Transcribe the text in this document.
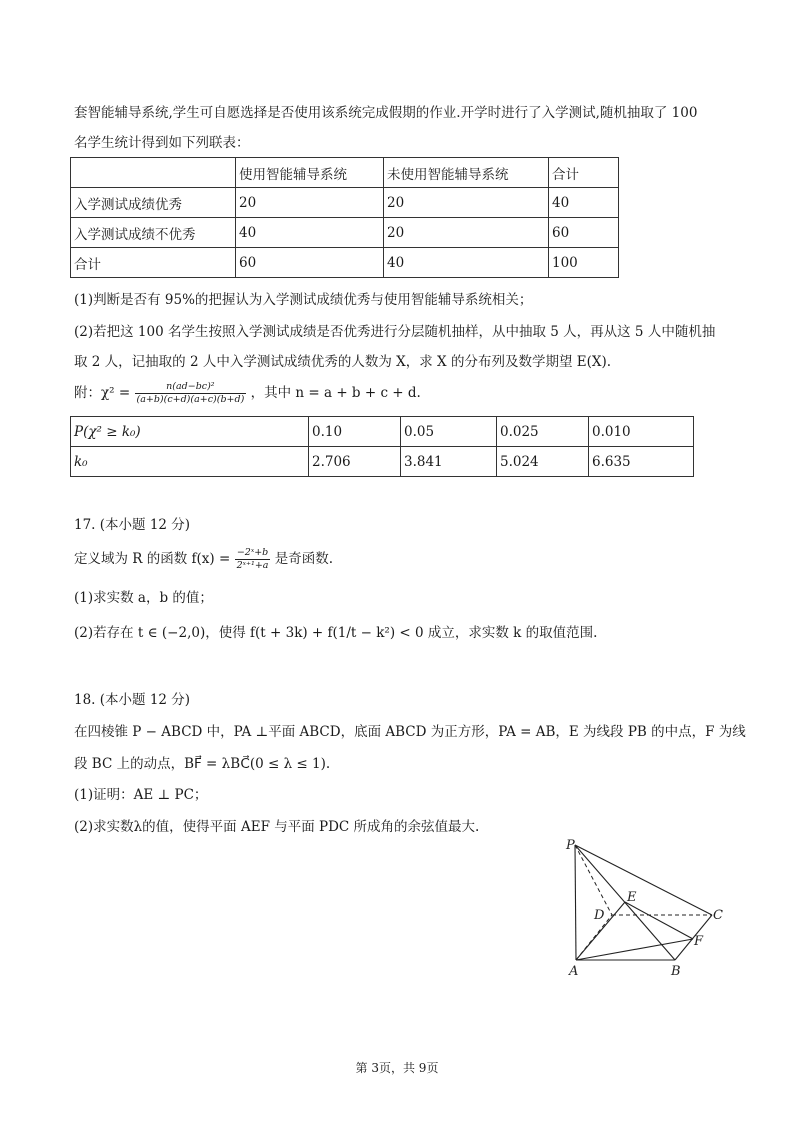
套智能辅导系统,学生可自愿选择是否使用该系统完成假期的作业.开学时进行了入学测试,随机抽取了 100
名学生统计得到如下列联表：
	使用智能辅导系统	未使用智能辅导系统	合计
入学测试成绩优秀	20	20	40
入学测试成绩不优秀	40	20	60
合计	60	40	100
(1)判断是否有 95%的把握认为入学测试成绩优秀与使用智能辅导系统相关；
(2)若把这 100 名学生按照入学测试成绩是否优秀进行分层随机抽样，从中抽取 5 人，再从这 5 人中随机抽
取 2 人，记抽取的 2 人中入学测试成绩优秀的人数为 X，求 X 的分布列及数学期望 E(X).
附：$\chi^2 = \frac{\text{n(ad−bc)²}}{(a+b)(c+d)(a+c)(b+d)}$ ，其中 n = a + b + c + d.
P(χ² ≥ k₀)	0.10	0.05	0.025	0.010
k₀	2.706	3.841	5.024	6.635
17. (本小题 12 分)
定义域为 R 的函数 $f(x) = \frac{\text{−2ˣ+b}}{\text{2ˣ⁺¹+a}}$ 是奇函数.
(1)求实数 a，b 的值；
(2)若存在 t ∈ (−2,0)，使得 f(t + 3k) + f(1/t − k²) < 0 成立，求实数 k 的取值范围.
18. (本小题 12 分)
在四棱锥 P − ABCD 中，PA ⊥平面 ABCD，底面 ABCD 为正方形，PA = AB，E 为线段 PB 的中点，F 为线
段 BC 上的动点，BF⃗ = λBC⃗(0 ≤ λ ≤ 1).
(1)证明：AE ⊥ PC；
(2)求实数λ的值，使得平面 AEF 与平面 PDC 所成角的余弦值最大.
P
A	B
C
D
E
F
第 3页，共 9页
